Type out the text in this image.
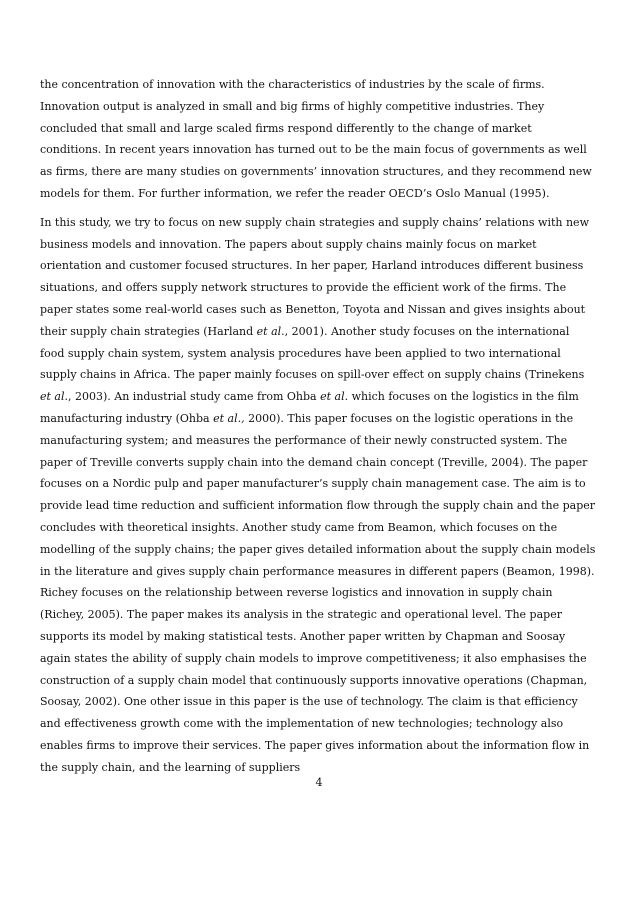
the concentration of innovation with the characteristics of industries by the scale of firms. Innovation output is analyzed in small and big firms of highly competitive industries. They concluded that small and large scaled firms respond differently to the change of market conditions. In recent years innovation has turned out to be the main focus of governments as well as firms, there are many studies on governments’ innovation structures, and they recommend new models for them. For further information, we refer the reader OECD’s Oslo Manual (1995).

In this study, we try to focus on new supply chain strategies and supply chains’ relations with new business models and innovation. The papers about supply chains mainly focus on market orientation and customer focused structures. In her paper, Harland introduces different business situations, and offers supply network structures to provide the efficient work of the firms. The paper states some real-world cases such as Benetton, Toyota and Nissan and gives insights about their supply chain strategies (Harland et al., 2001). Another study focuses on the international food supply chain system, system analysis procedures have been applied to two international supply chains in Africa. The paper mainly focuses on spill-over effect on supply chains (Trinekens et al., 2003). An industrial study came from Ohba et al. which focuses on the logistics in the film manufacturing industry (Ohba et al., 2000). This paper focuses on the logistic operations in the manufacturing system; and measures the performance of their newly constructed system. The paper of Treville converts supply chain into the demand chain concept (Treville, 2004). The paper focuses on a Nordic pulp and paper manufacturer’s supply chain management case. The aim is to provide lead time reduction and sufficient information flow through the supply chain and the paper concludes with theoretical insights. Another study came from Beamon, which focuses on the modelling of the supply chains; the paper gives detailed information about the supply chain models in the literature and gives supply chain performance measures in different papers (Beamon, 1998). Richey focuses on the relationship between reverse logistics and innovation in supply chain (Richey, 2005). The paper makes its analysis in the strategic and operational level. The paper supports its model by making statistical tests. Another paper written by Chapman and Soosay again states the ability of supply chain models to improve competitiveness; it also emphasises the construction of a supply chain model that continuously supports innovative operations (Chapman, Soosay, 2002). One other issue in this paper is the use of technology. The claim is that efficiency and effectiveness growth come with the implementation of new technologies; technology also enables firms to improve their services. The paper gives information about the information flow in the supply chain, and the learning of suppliers

4
